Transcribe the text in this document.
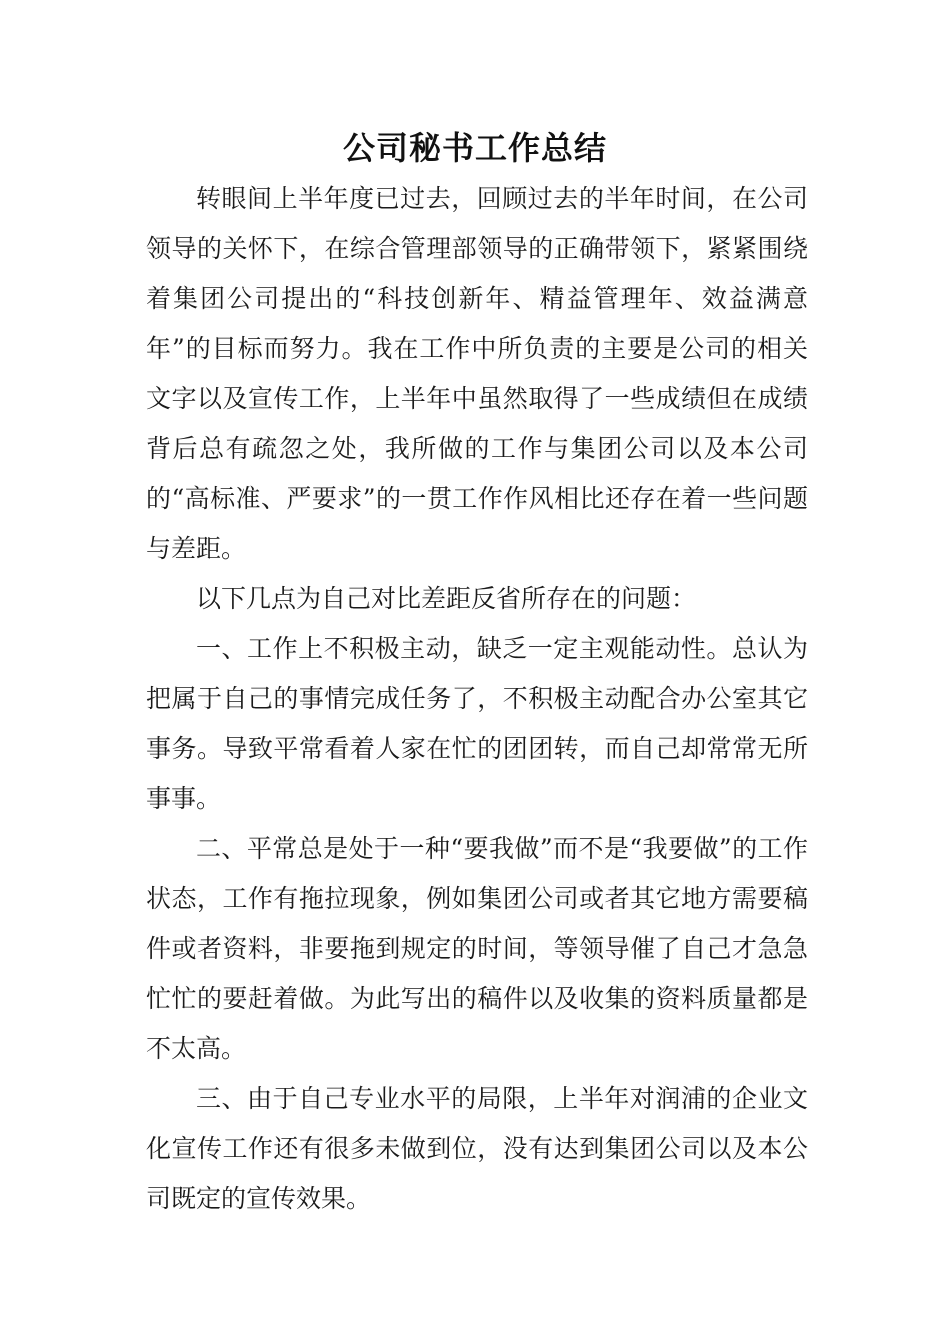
公司秘书工作总结

转眼间上半年度已过去，回顾过去的半年时间，在公司领导的关怀下，在综合管理部领导的正确带领下，紧紧围绕着集团公司提出的“科技创新年、精益管理年、效益满意年”的目标而努力。我在工作中所负责的主要是公司的相关文字以及宣传工作，上半年中虽然取得了一些成绩但在成绩背后总有疏忽之处，我所做的工作与集团公司以及本公司的“高标准、严要求”的一贯工作作风相比还存在着一些问题与差距。

以下几点为自己对比差距反省所存在的问题：

一、工作上不积极主动，缺乏一定主观能动性。总认为把属于自己的事情完成任务了，不积极主动配合办公室其它事务。导致平常看着人家在忙的团团转，而自己却常常无所事事。

二、平常总是处于一种“要我做”而不是“我要做”的工作状态，工作有拖拉现象，例如集团公司或者其它地方需要稿件或者资料，非要拖到规定的时间，等领导催了自己才急急忙忙的要赶着做。为此写出的稿件以及收集的资料质量都是不太高。

三、由于自己专业水平的局限，上半年对润浦的企业文化宣传工作还有很多未做到位，没有达到集团公司以及本公司既定的宣传效果。
